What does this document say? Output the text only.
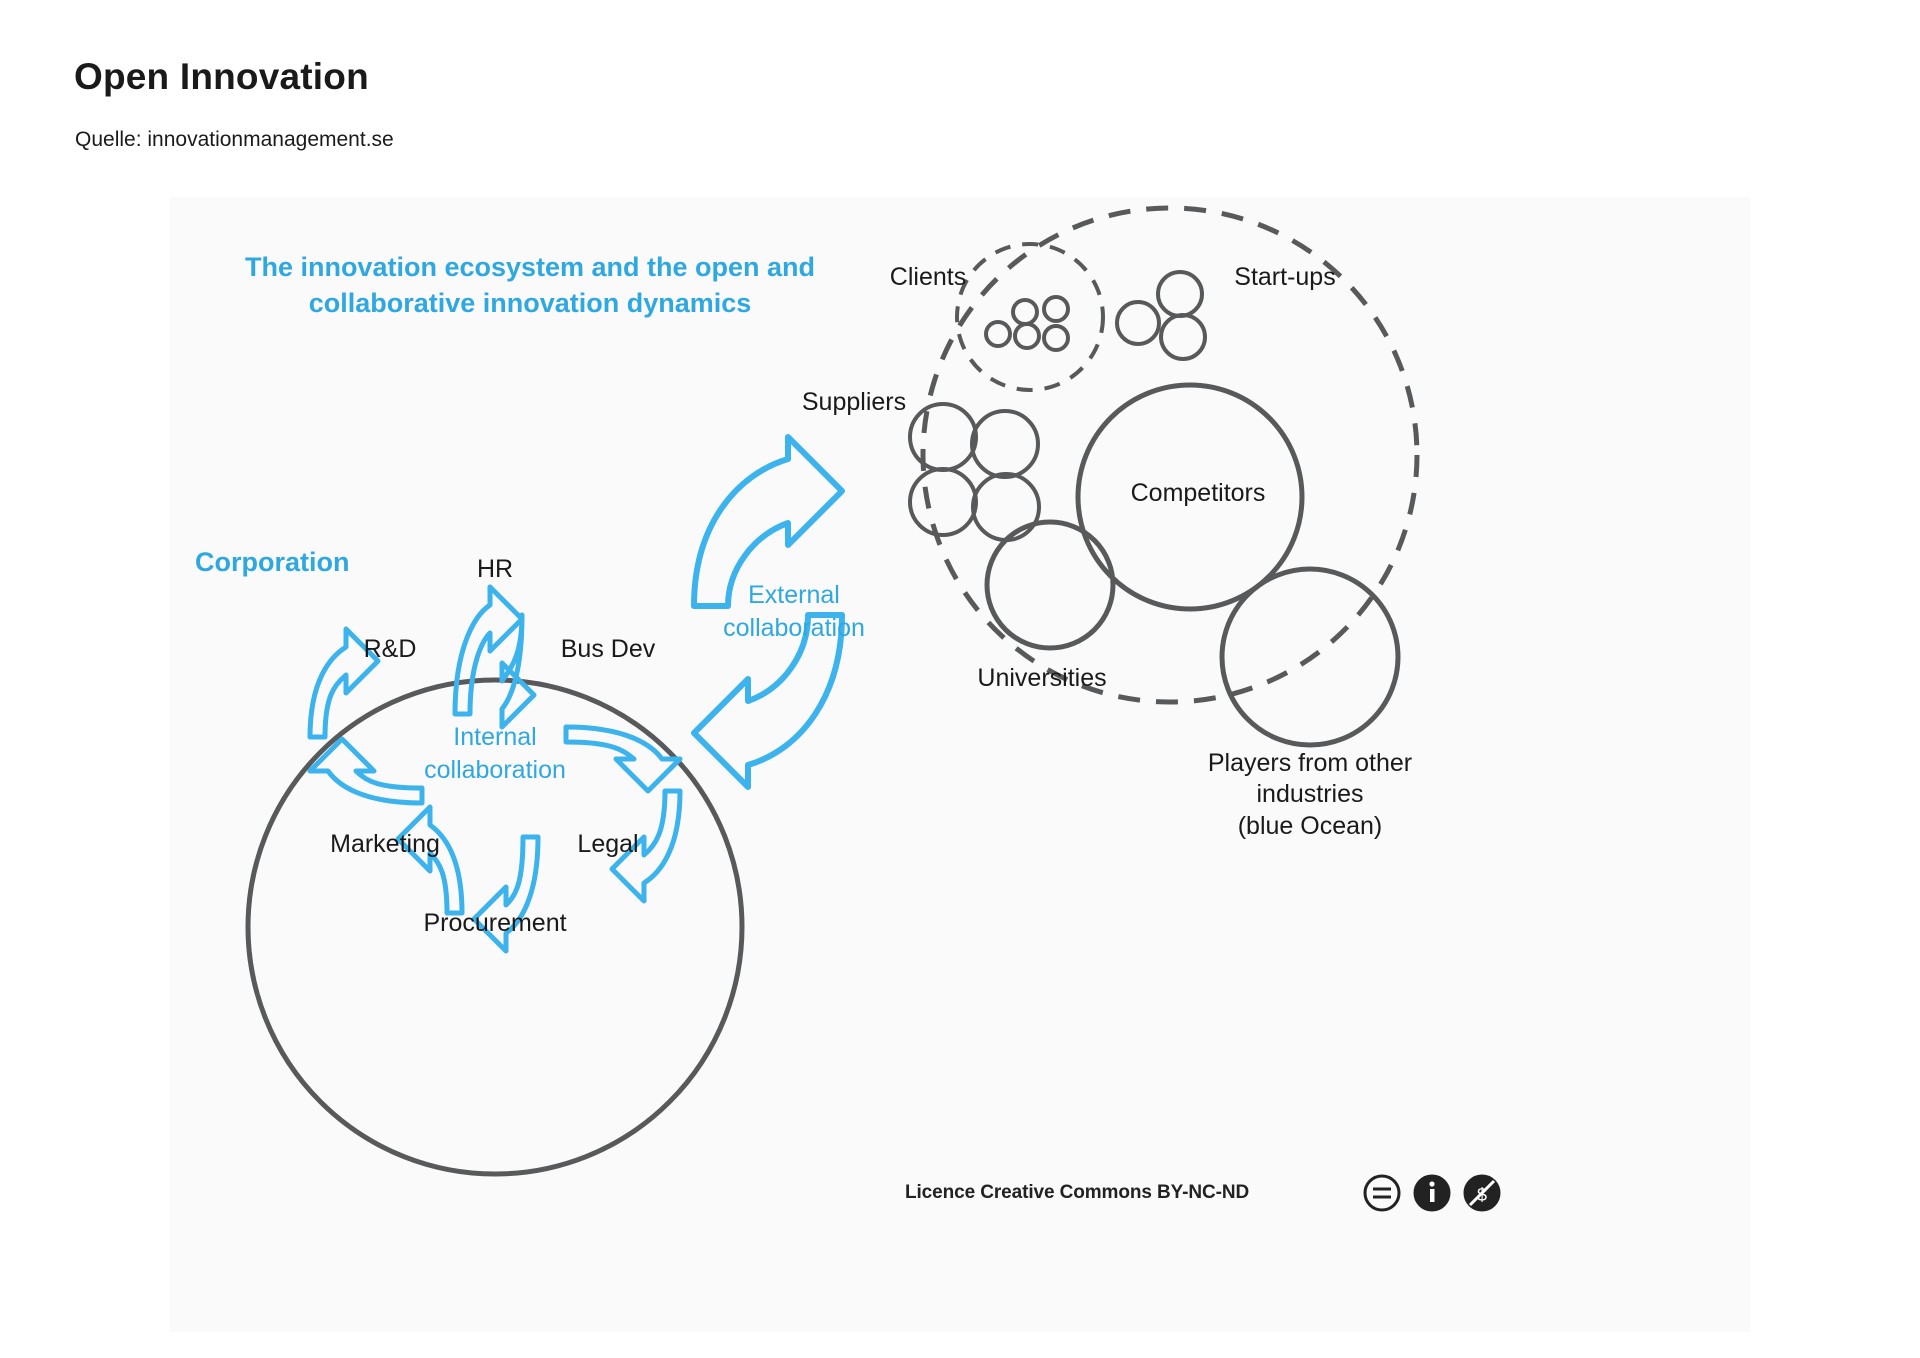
Open Innovation
Quelle: innovationmanagement.se
$
The innovation ecosystem and the open and
collaborative innovation dynamics
Corporation	HR
Bus Dev
Legal
Procurement
Marketing
R&D
Internal
collaboration
External
collaboration
Clients	Start-ups
Suppliers
Competitors
Universities
Players from other
industries
(blue Ocean)
Licence Creative Commons BY-NC-ND
